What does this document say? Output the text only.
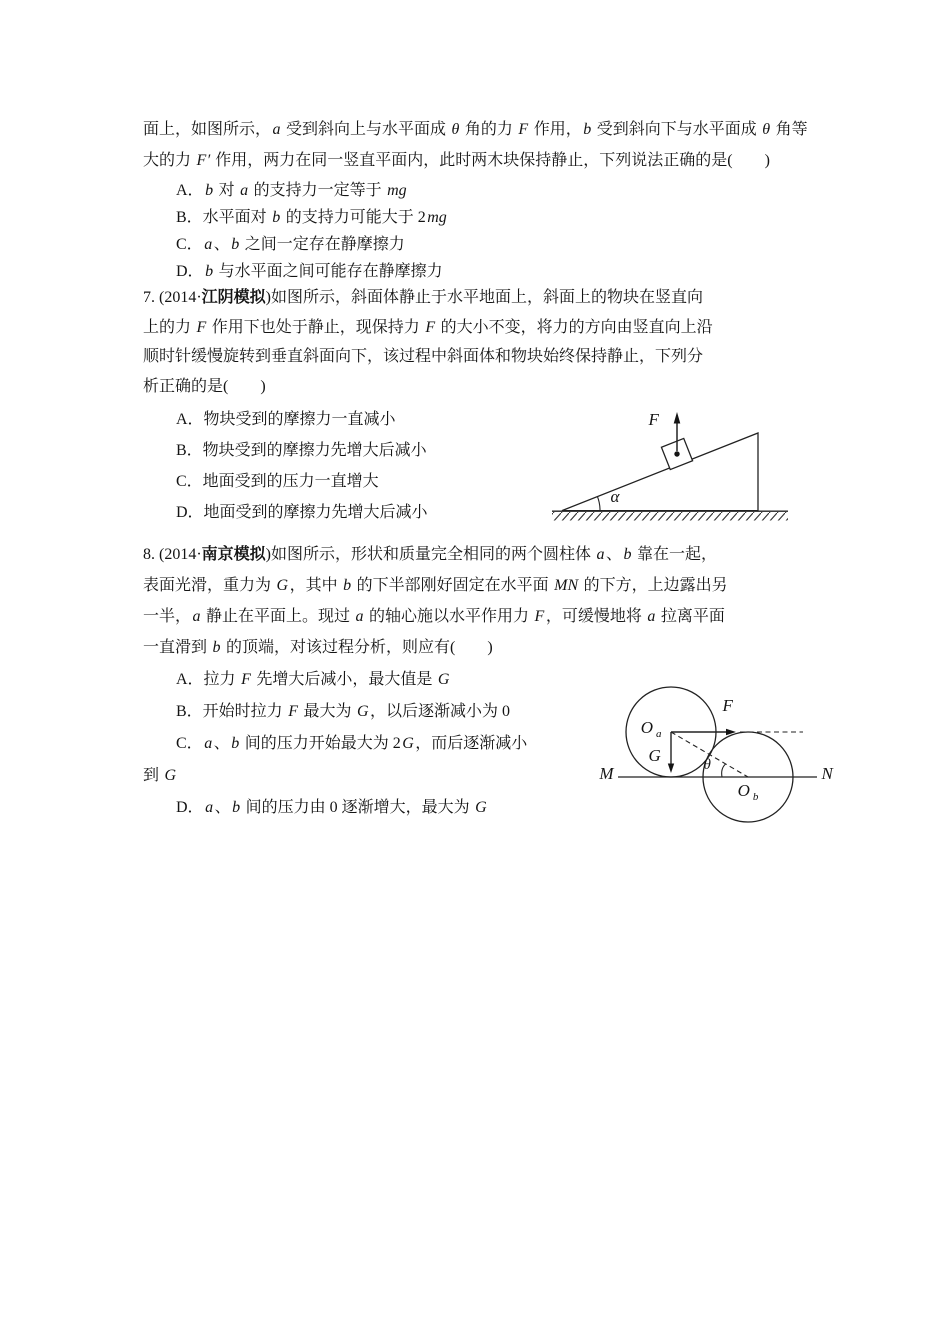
面上，如图所示，a 受到斜向上与水平面成 θ 角的力 F 作用，b 受到斜向下与水平面成 θ 角等
大的力 F′ 作用，两力在同一竖直平面内，此时两木块保持静止，下列说法正确的是(　　)
A．b 对 a 的支持力一定等于 mg
B．水平面对 b 的支持力可能大于 2mg
C．a、b 之间一定存在静摩擦力
D．b 与水平面之间可能存在静摩擦力
7. (2014·江阴模拟)如图所示，斜面体静止于水平地面上，斜面上的物块在竖直向
上的力 F 作用下也处于静止，现保持力 F 的大小不变，将力的方向由竖直向上沿
顺时针缓慢旋转到垂直斜面向下，该过程中斜面体和物块始终保持静止，下列分
析正确的是(　　)
A．物块受到的摩擦力一直减小
B．物块受到的摩擦力先增大后减小
C．地面受到的压力一直增大
D．地面受到的摩擦力先增大后减小
F
α
8. (2014·南京模拟)如图所示，形状和质量完全相同的两个圆柱体 a、b 靠在一起，
表面光滑，重力为 G，其中 b 的下半部刚好固定在水平面 MN 的下方，上边露出另
一半，a 静止在平面上。现过 a 的轴心施以水平作用力 F，可缓慢地将 a 拉离平面
一直滑到 b 的顶端，对该过程分析，则应有(　　)
A．拉力 F 先增大后减小，最大值是 G
B．开始时拉力 F 最大为 G，以后逐渐减小为 0
C．a、b 间的压力开始最大为 2G，而后逐渐减小
到 G
D．a、b 间的压力由 0 逐渐增大，最大为 G
O $_a$
F
G	θ
O $_b$
M	N
